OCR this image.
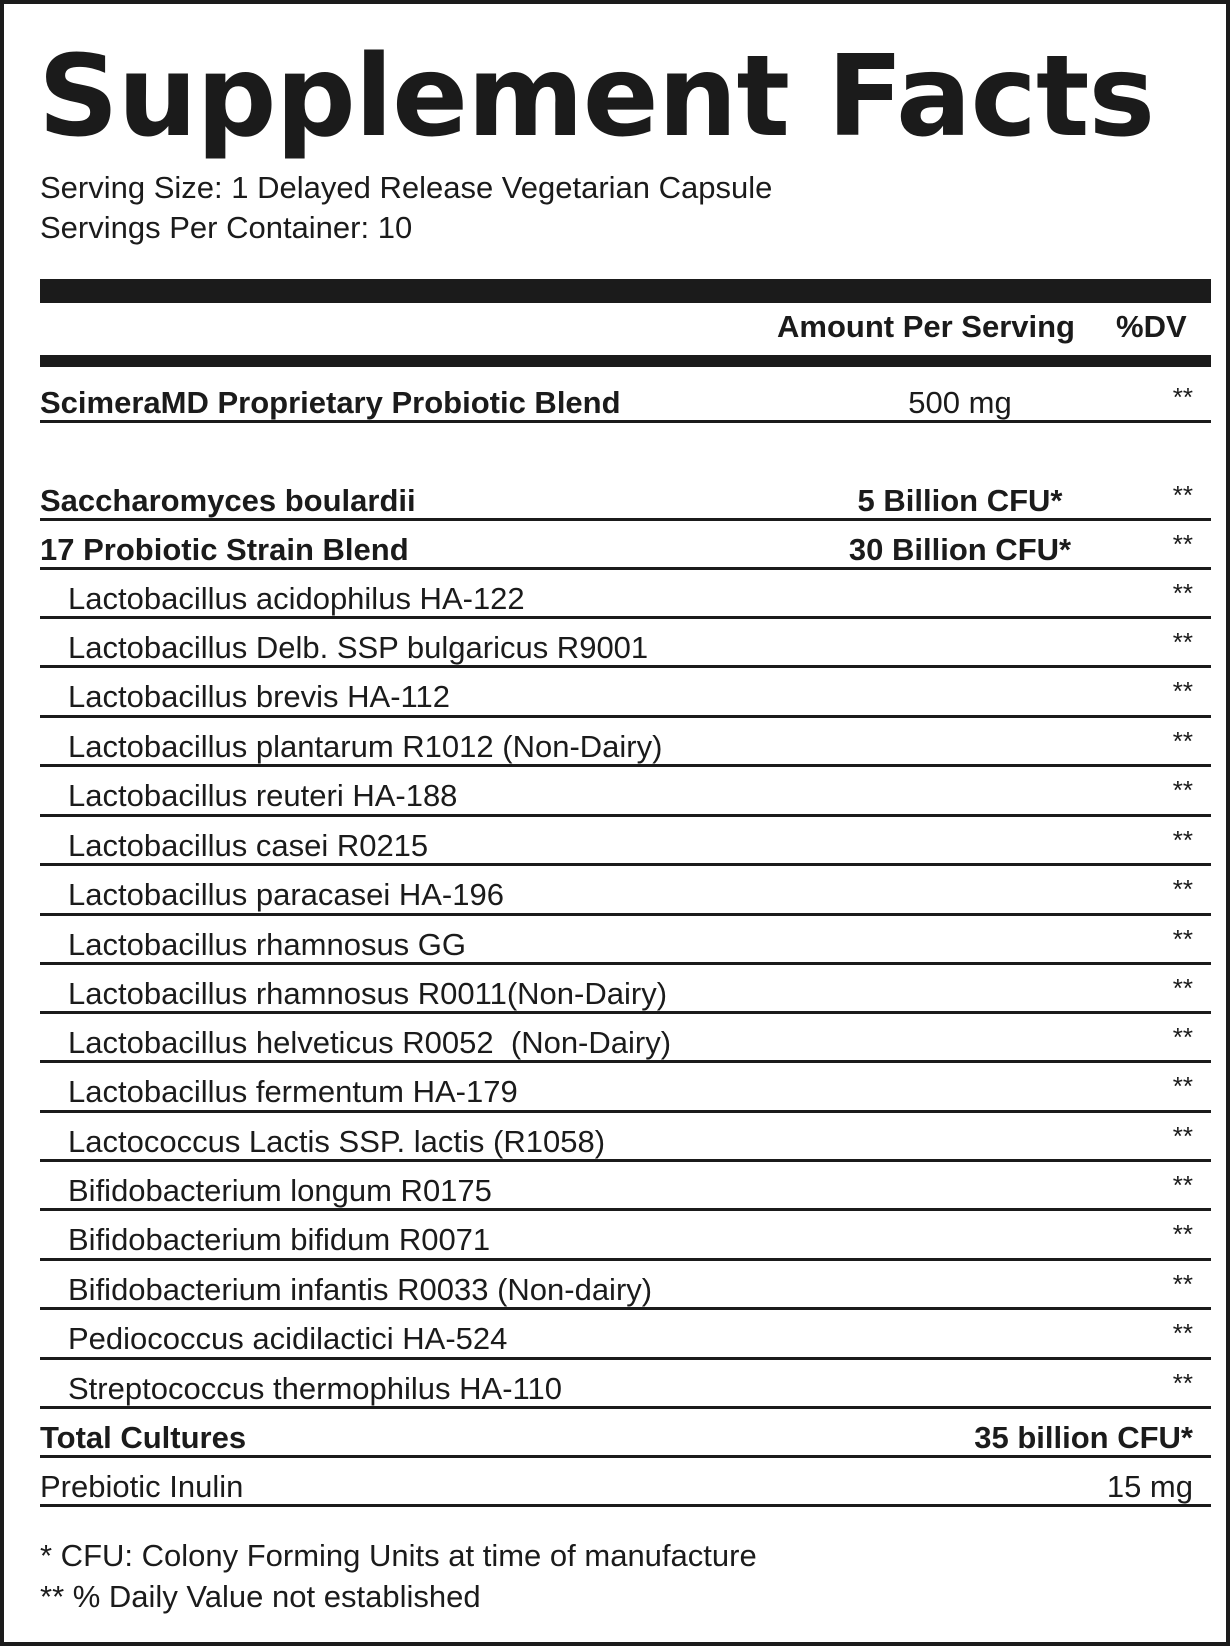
Supplement Facts
Serving Size: 1 Delayed Release Vegetarian Capsule
Servings Per Container: 10
Amount Per Serving %DV
ScimeraMD Proprietary Probiotic Blend	500 mg	**
Saccharomyces boulardii	5 Billion CFU*	**
17 Probiotic Strain Blend	30 Billion CFU*	**
Lactobacillus acidophilus HA-122	**
Lactobacillus Delb. SSP bulgaricus R9001	**
Lactobacillus brevis HA-112	**
Lactobacillus plantarum R1012 (Non-Dairy)	**
Lactobacillus reuteri HA-188	**
Lactobacillus casei R0215	**
Lactobacillus paracasei HA-196	**
Lactobacillus rhamnosus GG	**
Lactobacillus rhamnosus R0011(Non-Dairy)	**
Lactobacillus helveticus R0052  (Non-Dairy)	**
Lactobacillus fermentum HA-179	**
Lactococcus Lactis SSP. lactis (R1058)	**
Bifidobacterium longum R0175	**
Bifidobacterium bifidum R0071	**
Bifidobacterium infantis R0033 (Non-dairy)	**
Pediococcus acidilactici HA-524	**
Streptococcus thermophilus HA-110	**
Total Cultures	35 billion CFU*
Prebiotic Inulin	15 mg
* CFU: Colony Forming Units at time of manufacture
** % Daily Value not established
